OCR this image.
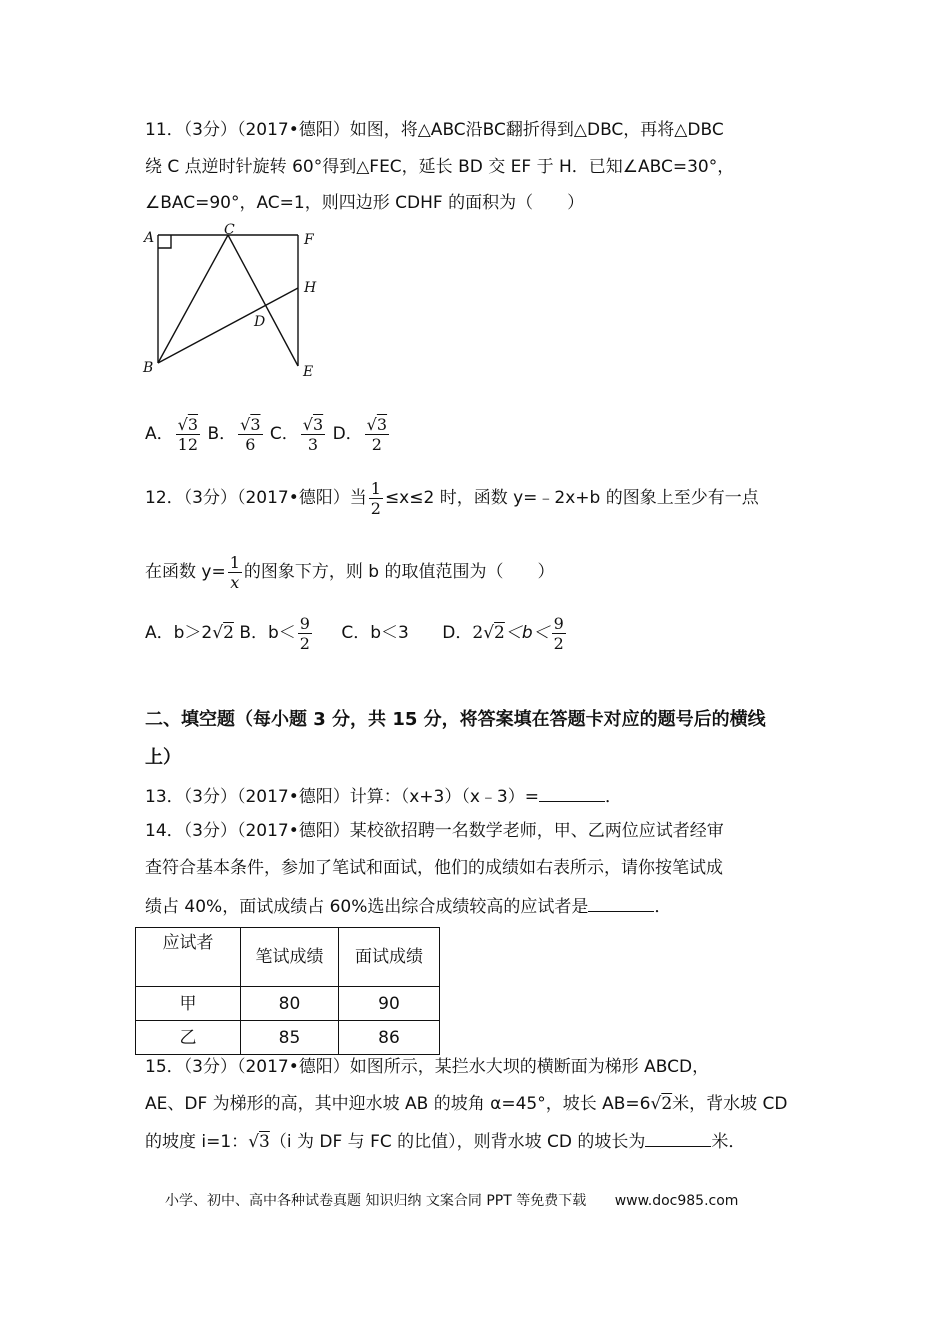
11．（3分）（2017•德阳）如图，将△ABC沿BC翻折得到△DBC，再将△DBC
绕 C 点逆时针旋转 60°得到△FEC，延长 BD 交 EF 于 H．已知∠ABC=30°，
∠BAC=90°，AC=1，则四边形 CDHF 的面积为（　　）
A	C
F
H
D
B	E
A． $\frac{√3}{12}$ B． $\frac{√3}{6}$ C． $\frac{√3}{3}$ D． $\frac{√3}{2}$
12．（3分）（2017•德阳）当 $\frac{1}{2} \le x\le 2$ 时，函数 y=﹣2x+b 的图象上至少有一点
在函数 $y= \frac{1}{x}$ 的图象下方，则 b 的取值范围为（　　）
A．b＞2√2 B．$b< \frac{9}{2}$ C．b＜3 D．$2√2<b< \frac{9}{2}$
二、填空题（每小题 3 分，共 15 分，将答案填在答题卡对应的题号后的横线
上）
13．（3分）（2017•德阳）计算：（x+3）（x﹣3）=	．
14．（3分）（2017•德阳）某校欲招聘一名数学老师，甲、乙两位应试者经审
查符合基本条件，参加了笔试和面试，他们的成绩如右表所示，请你按笔试成
绩占 40%，面试成绩占 60%选出综合成绩较高的应试者是	．
应试者	笔试成绩	面试成绩
甲	80	90
乙	85	86
15．（3分）（2017•德阳）如图所示，某拦水大坝的横断面为梯形 ABCD，
AE、DF 为梯形的高，其中迎水坡 AB 的坡角 α=45°，坡长 AB=6√2米，背水坡 CD
的坡度 i=1：√3（i 为 DF 与 FC 的比值），则背水坡 CD 的坡长为	米．
小学、初中、高中各种试卷真题 知识归纳 文案合同 PPT 等免费下载 www.doc985.com
